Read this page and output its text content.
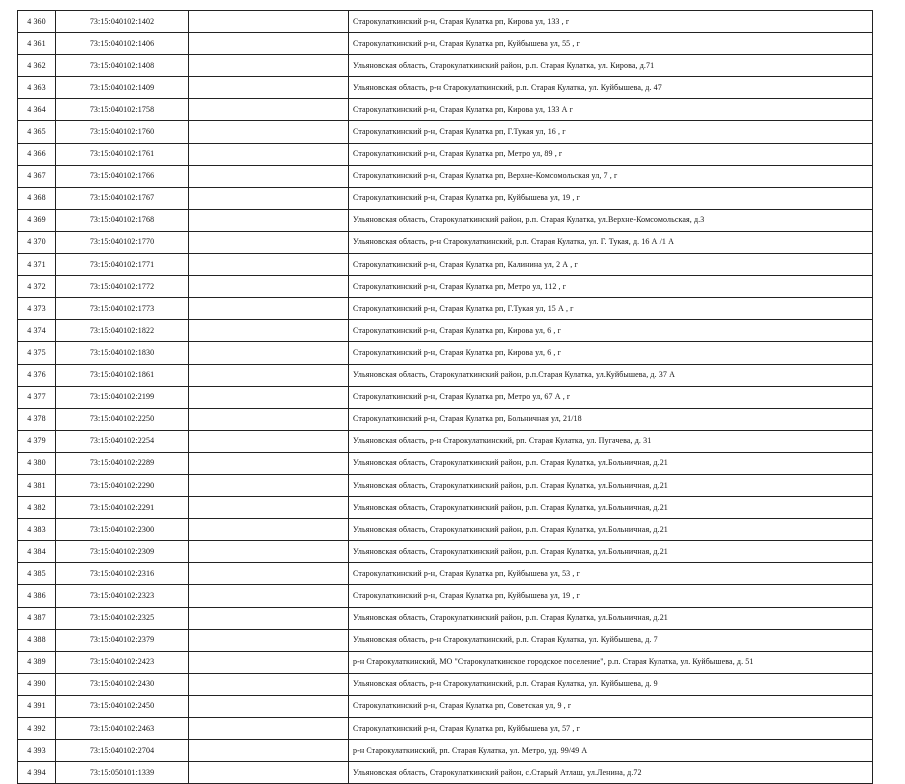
4 360	73:15:040102:1402		Старокулаткинский р-н, Старая Кулатка рп, Кирова ул, 133 , г
4 361	73:15:040102:1406		Старокулаткинский р-н, Старая Кулатка рп, Куйбышева ул, 55 , г
4 362	73:15:040102:1408		Ульяновская область, Старокулаткинский район, р.п. Старая Кулатка, ул. Кирова, д.71
4 363	73:15:040102:1409		Ульяновская область, р-н Старокулаткинский, р.п. Старая Кулатка, ул. Куйбышева, д. 47
4 364	73:15:040102:1758		Старокулаткинский р-н, Старая Кулатка рп, Кирова ул, 133 А г
4 365	73:15:040102:1760		Старокулаткинский р-н, Старая Кулатка рп, Г.Тукая ул, 16 , г
4 366	73:15:040102:1761		Старокулаткинский р-н, Старая Кулатка рп, Метро ул, 89 , г
4 367	73:15:040102:1766		Старокулаткинский р-н, Старая Кулатка рп, Верхне-Комсомольская ул, 7 , г
4 368	73:15:040102:1767		Старокулаткинский р-н, Старая Кулатка рп, Куйбышева ул, 19 , г
4 369	73:15:040102:1768		Ульяновская область, Старокулаткинский район, р.п. Старая Кулатка, ул.Верхне-Комсомольская, д.3
4 370	73:15:040102:1770		Ульяновская область, р-н Старокулаткинский, р.п. Старая Кулатка, ул. Г. Тукая, д. 16 А /1 А
4 371	73:15:040102:1771		Старокулаткинский р-н, Старая Кулатка рп, Калинина ул, 2 А , г
4 372	73:15:040102:1772		Старокулаткинский р-н, Старая Кулатка рп, Метро ул, 112 , г
4 373	73:15:040102:1773		Старокулаткинский р-н, Старая Кулатка рп, Г.Тукая ул, 15 А , г
4 374	73:15:040102:1822		Старокулаткинский р-н, Старая Кулатка рп, Кирова ул, 6 , г
4 375	73:15:040102:1830		Старокулаткинский р-н, Старая Кулатка рп, Кирова ул, 6 , г
4 376	73:15:040102:1861		Ульяновская область, Старокулаткинский район, р.п.Старая Кулатка, ул.Куйбышева, д. 37 А
4 377	73:15:040102:2199		Старокулаткинский р-н, Старая Кулатка рп, Метро ул, 67 А , г
4 378	73:15:040102:2250		Старокулаткинский р-н, Старая Кулатка рп, Больничная ул, 21/18
4 379	73:15:040102:2254		Ульяновская область, р-н Старокулаткинский, рп. Старая Кулатка, ул. Пугачева, д. 31
4 380	73:15:040102:2289		Ульяновская область, Старокулаткинский район, р.п. Старая Кулатка, ул.Больничная, д.21
4 381	73:15:040102:2290		Ульяновская область, Старокулаткинский район, р.п. Старая Кулатка, ул.Больничная, д.21
4 382	73:15:040102:2291		Ульяновская область, Старокулаткинский район, р.п. Старая Кулатка, ул.Больничная, д.21
4 383	73:15:040102:2300		Ульяновская область, Старокулаткинский район, р.п. Старая Кулатка, ул.Больничная, д.21
4 384	73:15:040102:2309		Ульяновская область, Старокулаткинский район, р.п. Старая Кулатка, ул.Больничная, д.21
4 385	73:15:040102:2316		Старокулаткинский р-н, Старая Кулатка рп, Куйбышева ул, 53 , г
4 386	73:15:040102:2323		Старокулаткинский р-н, Старая Кулатка рп, Куйбышева ул, 19 , г
4 387	73:15:040102:2325		Ульяновская область, Старокулаткинский район, р.п. Старая Кулатка, ул.Больничная, д.21
4 388	73:15:040102:2379		Ульяновская область, р-н Старокулаткинский, р.п. Старая Кулатка, ул. Куйбышева, д. 7
4 389	73:15:040102:2423		р-н Старокулаткинский, МО "Старокулаткинское городское поселение", р.п. Старая Кулатка, ул. Куйбышева, д. 51
4 390	73:15:040102:2430		Ульяновская область, р-н Старокулаткинский, р.п. Старая Кулатка, ул. Куйбышева, д. 9
4 391	73:15:040102:2450		Старокулаткинский р-н, Старая Кулатка рп, Советская ул, 9 , г
4 392	73:15:040102:2463		Старокулаткинский р-н, Старая Кулатка рп, Куйбышева ул, 57 , г
4 393	73:15:040102:2704		р-н Старокулаткинский, рп. Старая Кулатка, ул. Метро, уд. 99/49 А
4 394	73:15:050101:1339		Ульяновская область, Старокулаткинский район, с.Старый Атлаш, ул.Ленина, д.72
